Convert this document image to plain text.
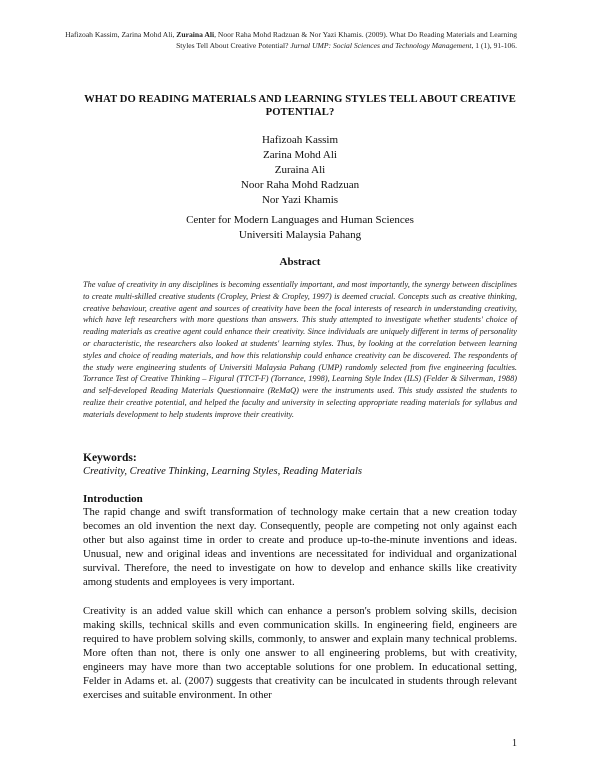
Hafizoah Kassim, Zarina Mohd Ali, Zuraina Ali, Noor Raha Mohd Radzuan & Nor Yazi Khamis. (2009). What Do Reading Materials and Learning Styles Tell About Creative Potential? Jurnal UMP: Social Sciences and Technology Management, 1 (1), 91-106.
WHAT DO READING MATERIALS AND LEARNING STYLES TELL ABOUT CREATIVE POTENTIAL?
Hafizoah Kassim
Zarina Mohd Ali
Zuraina Ali
Noor Raha Mohd Radzuan
Nor Yazi Khamis
Center for Modern Languages and Human Sciences
Universiti Malaysia Pahang
Abstract
The value of creativity in any disciplines is becoming essentially important, and most importantly, the synergy between disciplines to create multi-skilled creative students (Cropley, Priest & Cropley, 1997) is deemed crucial. Concepts such as creative thinking, creative behaviour, creative agent and sources of creativity have been the focal interests of research in understanding creativity, which have left researchers with more questions than answers. This study attempted to investigate whether students' choice of reading materials as creative agent could enhance their creativity. Since individuals are uniquely different in terms of personality or characteristic, the researchers also looked at students' learning styles. Thus, by looking at the correlation between learning styles and choice of reading materials, and how this relationship could enhance creativity can be discovered. The respondents of the study were engineering students of Universiti Malaysia Pahang (UMP) randomly selected from five engineering faculties. Torrance Test of Creative Thinking – Figural (TTCT-F) (Torrance, 1998), Learning Style Index (ILS) (Felder & Silverman, 1988) and self-developed Reading Materials Questionnaire (ReMaQ) were the instruments used. This study assisted the students to realize their creative potential, and helped the faculty and university in selecting appropriate reading materials for syllabus and materials development to help students improve their creativity.
Keywords:
Creativity, Creative Thinking, Learning Styles, Reading Materials
Introduction
The rapid change and swift transformation of technology make certain that a new creation today becomes an old invention the next day. Consequently, people are competing not only against each other but also against time in order to create and produce up-to-the-minute inventions and ideas. Unusual, new and original ideas and inventions are necessitated for individual and organizational survival. Therefore, the need to investigate on how to develop and enhance skills like creativity among students and employees is very important.
Creativity is an added value skill which can enhance a person's problem solving skills, decision making skills, technical skills and even communication skills. In engineering field, engineers are required to have problem solving skills, commonly, to answer and explain many technical problems. More often than not, there is only one answer to all engineering problems, but with creativity, engineers may have more than two acceptable solutions for one problem. In educational setting, Felder in Adams et. al. (2007) suggests that creativity can be inculcated in students through relevant exercises and suitable environment. In other
1
